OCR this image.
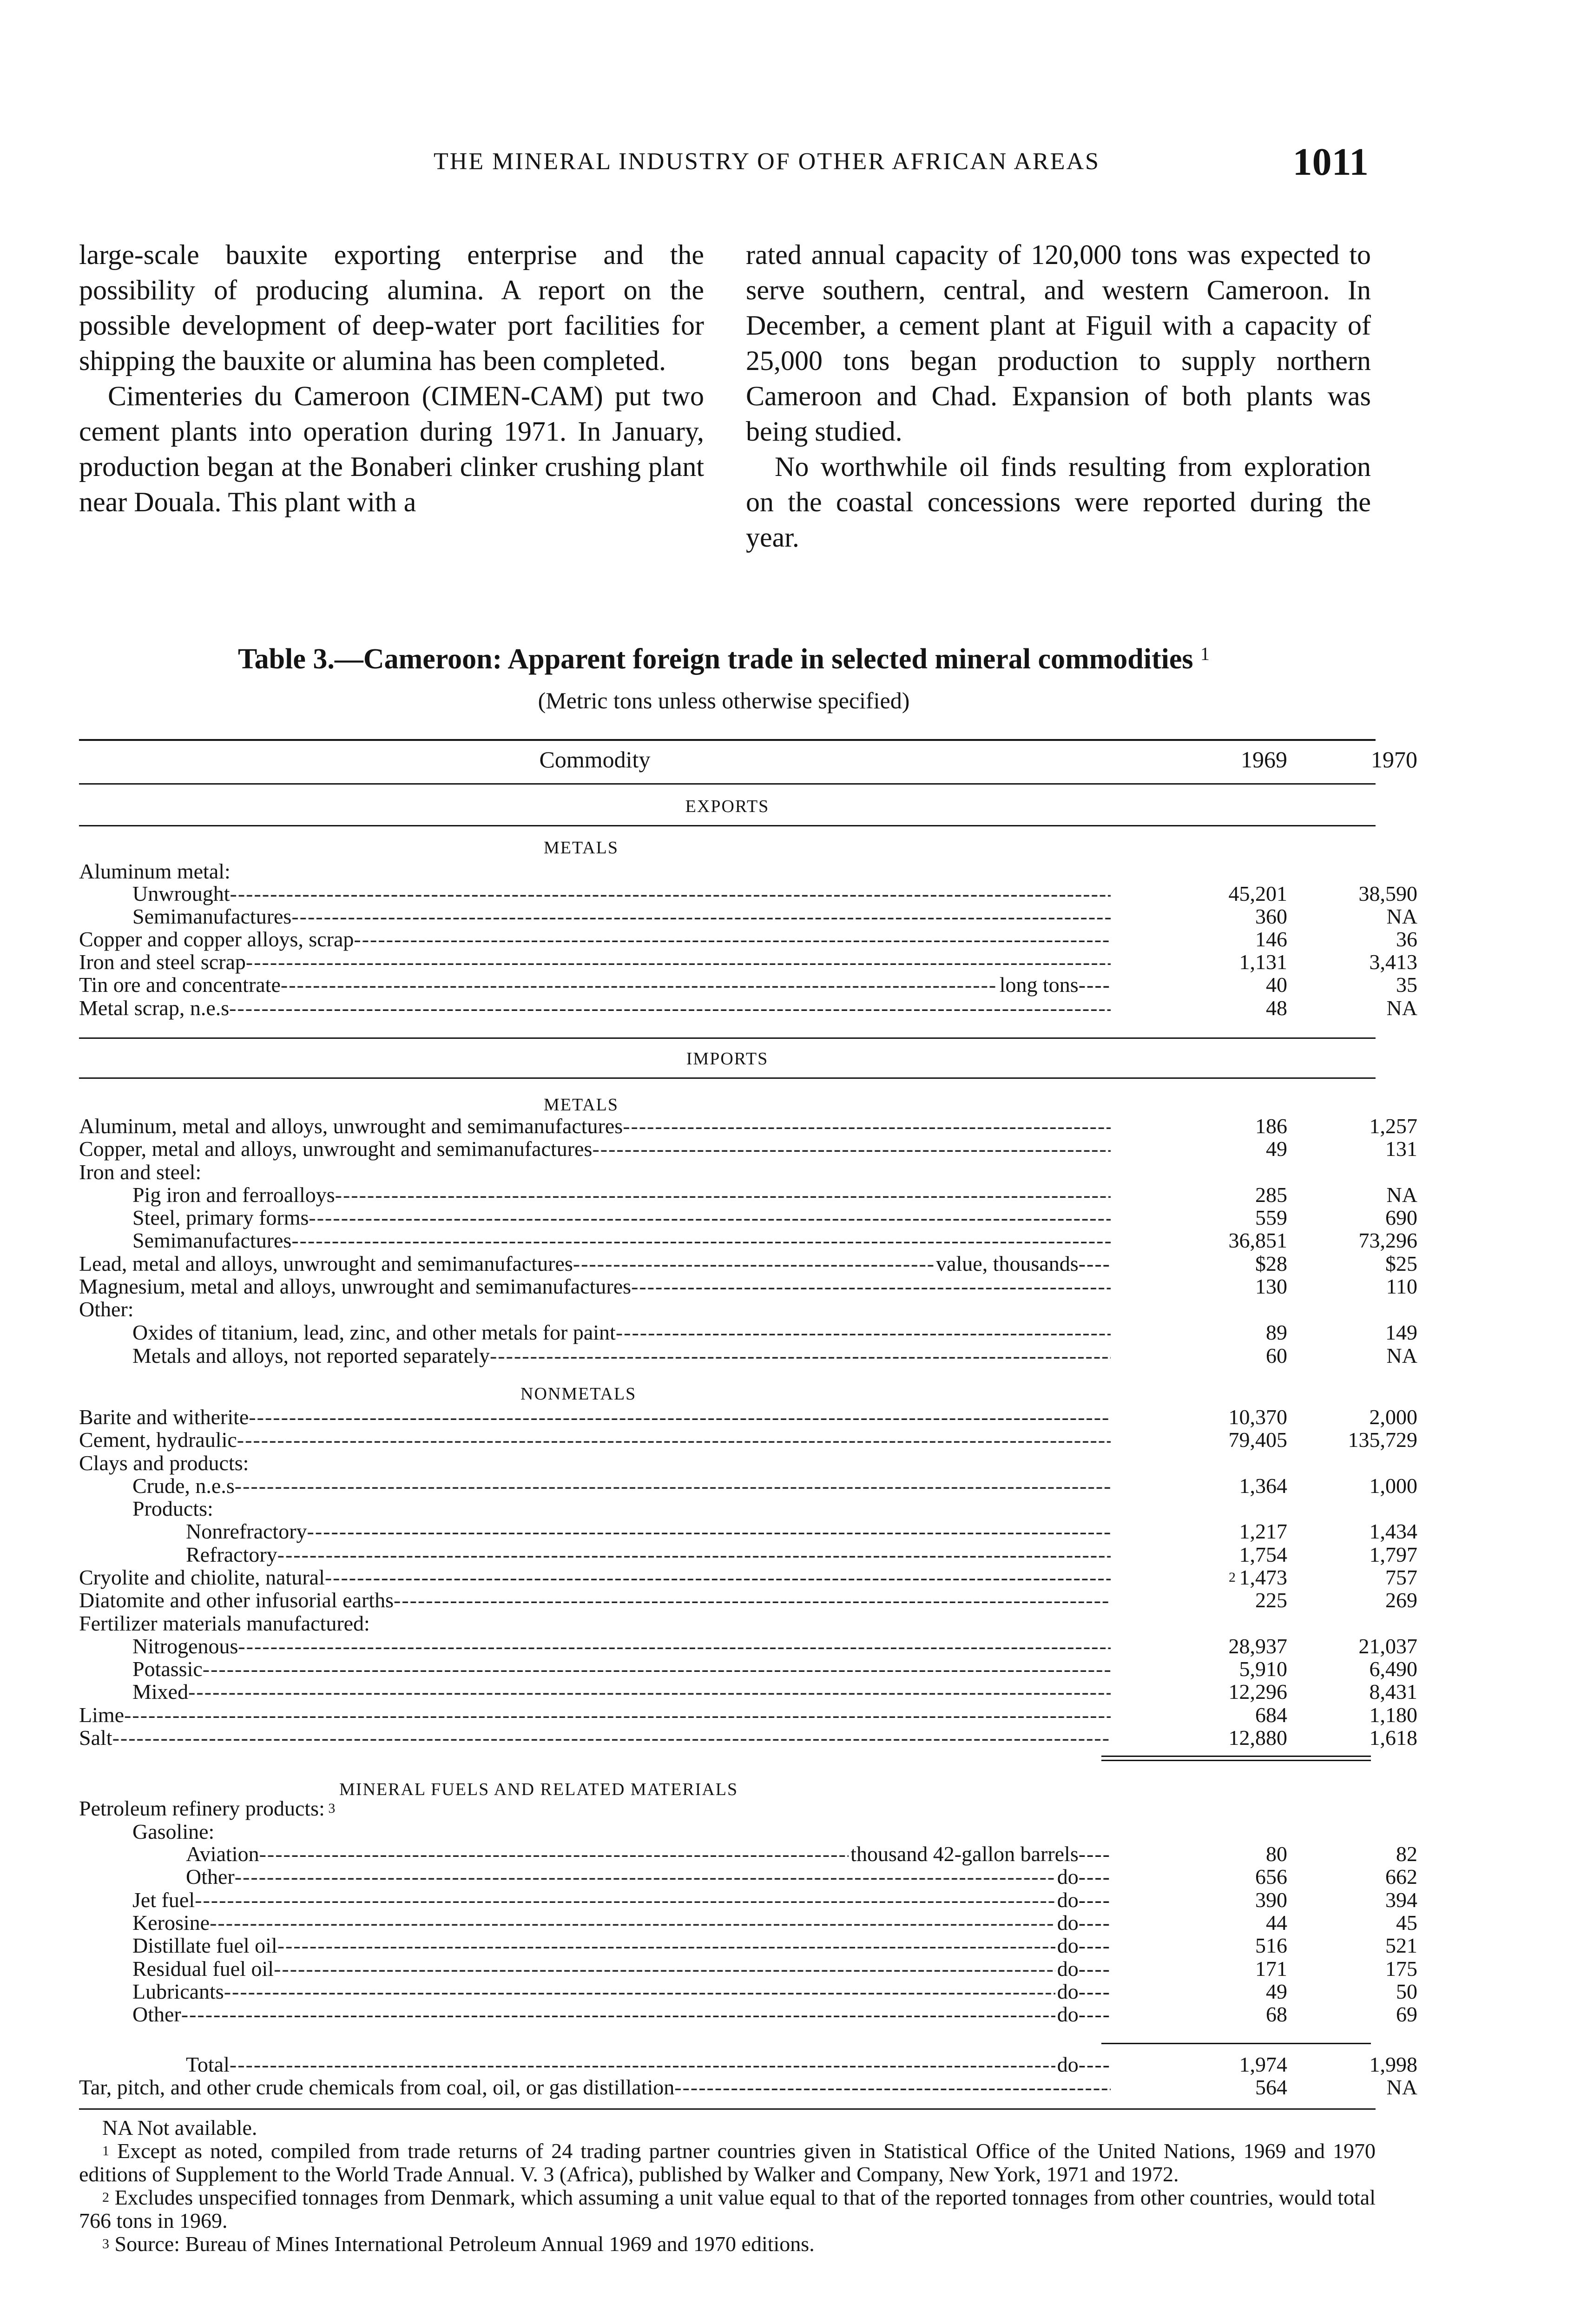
THE MINERAL INDUSTRY OF OTHER AFRICAN AREAS	1011

large-scale bauxite exporting enterprise and the possibility of producing alumina. A report on the possible development of deep-water port facilities for shipping the bauxite or alumina has been completed.

Cimenteries du Cameroon (CIMEN-CAM) put two cement plants into operation during 1971. In January, production began at the Bonaberi clinker crushing plant near Douala. This plant with a

rated annual capacity of 120,000 tons was expected to serve southern, central, and western Cameroon. In December, a cement plant at Figuil with a capacity of 25,000 tons began production to supply northern Cameroon and Chad. Expansion of both plants was being studied.

No worthwhile oil finds resulting from exploration on the coastal concessions were reported during the year.

Table 3.—Cameroon: Apparent foreign trade in selected mineral commodities $^1$
(Metric tons unless otherwise specified)
Commodity	1969	1970
EXPORTS
METALS
Aluminum metal:
Unwrought -----	45,201	38,590
Semimanufactures -----	360	NA
Copper and copper alloys, scrap -----	146	36
Iron and steel scrap -----	1,131	3,413
Tin ore and concentrate -----	long tons ----	40	35
Metal scrap, n.e.s -----	48	NA
Aluminum, metal and alloys, unwrought and semimanufactures -----	186	1,257
Copper, metal and alloys, unwrought and semimanufactures -----	49	131
Iron and steel:
Pig iron and ferroalloys -----	285	NA
Steel, primary forms -----	559	690
Semimanufactures -----	36,851	73,296
Lead, metal and alloys, unwrought and semimanufactures -----	value, thousands ----	$28	$25
Magnesium, metal and alloys, unwrought and semimanufactures -----	130	110
Other:
Oxides of titanium, lead, zinc, and other metals for paint -----	89	149
Metals and alloys, not reported separately -----	60	NA
Barite and witherite -----	10,370	2,000
Cement, hydraulic -----	79,405	135,729
Clays and products:
Crude, n.e.s -----	1,364	1,000
Products:
Nonrefractory -----	1,217	1,434
Refractory -----	1,754	1,797
Cryolite and chiolite, natural -----	$^2$ 1,473	757
Diatomite and other infusorial earths -----	225	269
Fertilizer materials manufactured:
Nitrogenous -----	28,937	21,037
Potassic -----	5,910	6,490
Mixed -----	12,296	8,431
Lime -----	684	1,180
Salt -----	12,880	1,618
Petroleum refinery products: $^3$
Gasoline:
Aviation -----	thousand 42-gallon barrels ----	80	82
Other -----	do ----	656	662
Jet fuel -----	do ----	390	394
Kerosine -----	do ----	44	45
Distillate fuel oil -----	do ----	516	521
Residual fuel oil -----	do ----	171	175
Lubricants -----	do ----	49	50
Other -----	do ----	68	69
Total -----	do ----	1,974	1,998
Tar, pitch, and other crude chemicals from coal, oil, or gas distillation -----	564	NA
IMPORTS
METALS
NONMETALS
MINERAL FUELS AND RELATED MATERIALS

NA Not available.

$^1$ Except as noted, compiled from trade returns of 24 trading partner countries given in Statistical Office of the United Nations, 1969 and 1970 editions of Supplement to the World Trade Annual. V. 3 (Africa), published by Walker and Company, New York, 1971 and 1972.

$^2$ Excludes unspecified tonnages from Denmark, which assuming a unit value equal to that of the reported tonnages from other countries, would total 766 tons in 1969.

$^3$ Source: Bureau of Mines International Petroleum Annual 1969 and 1970 editions.
